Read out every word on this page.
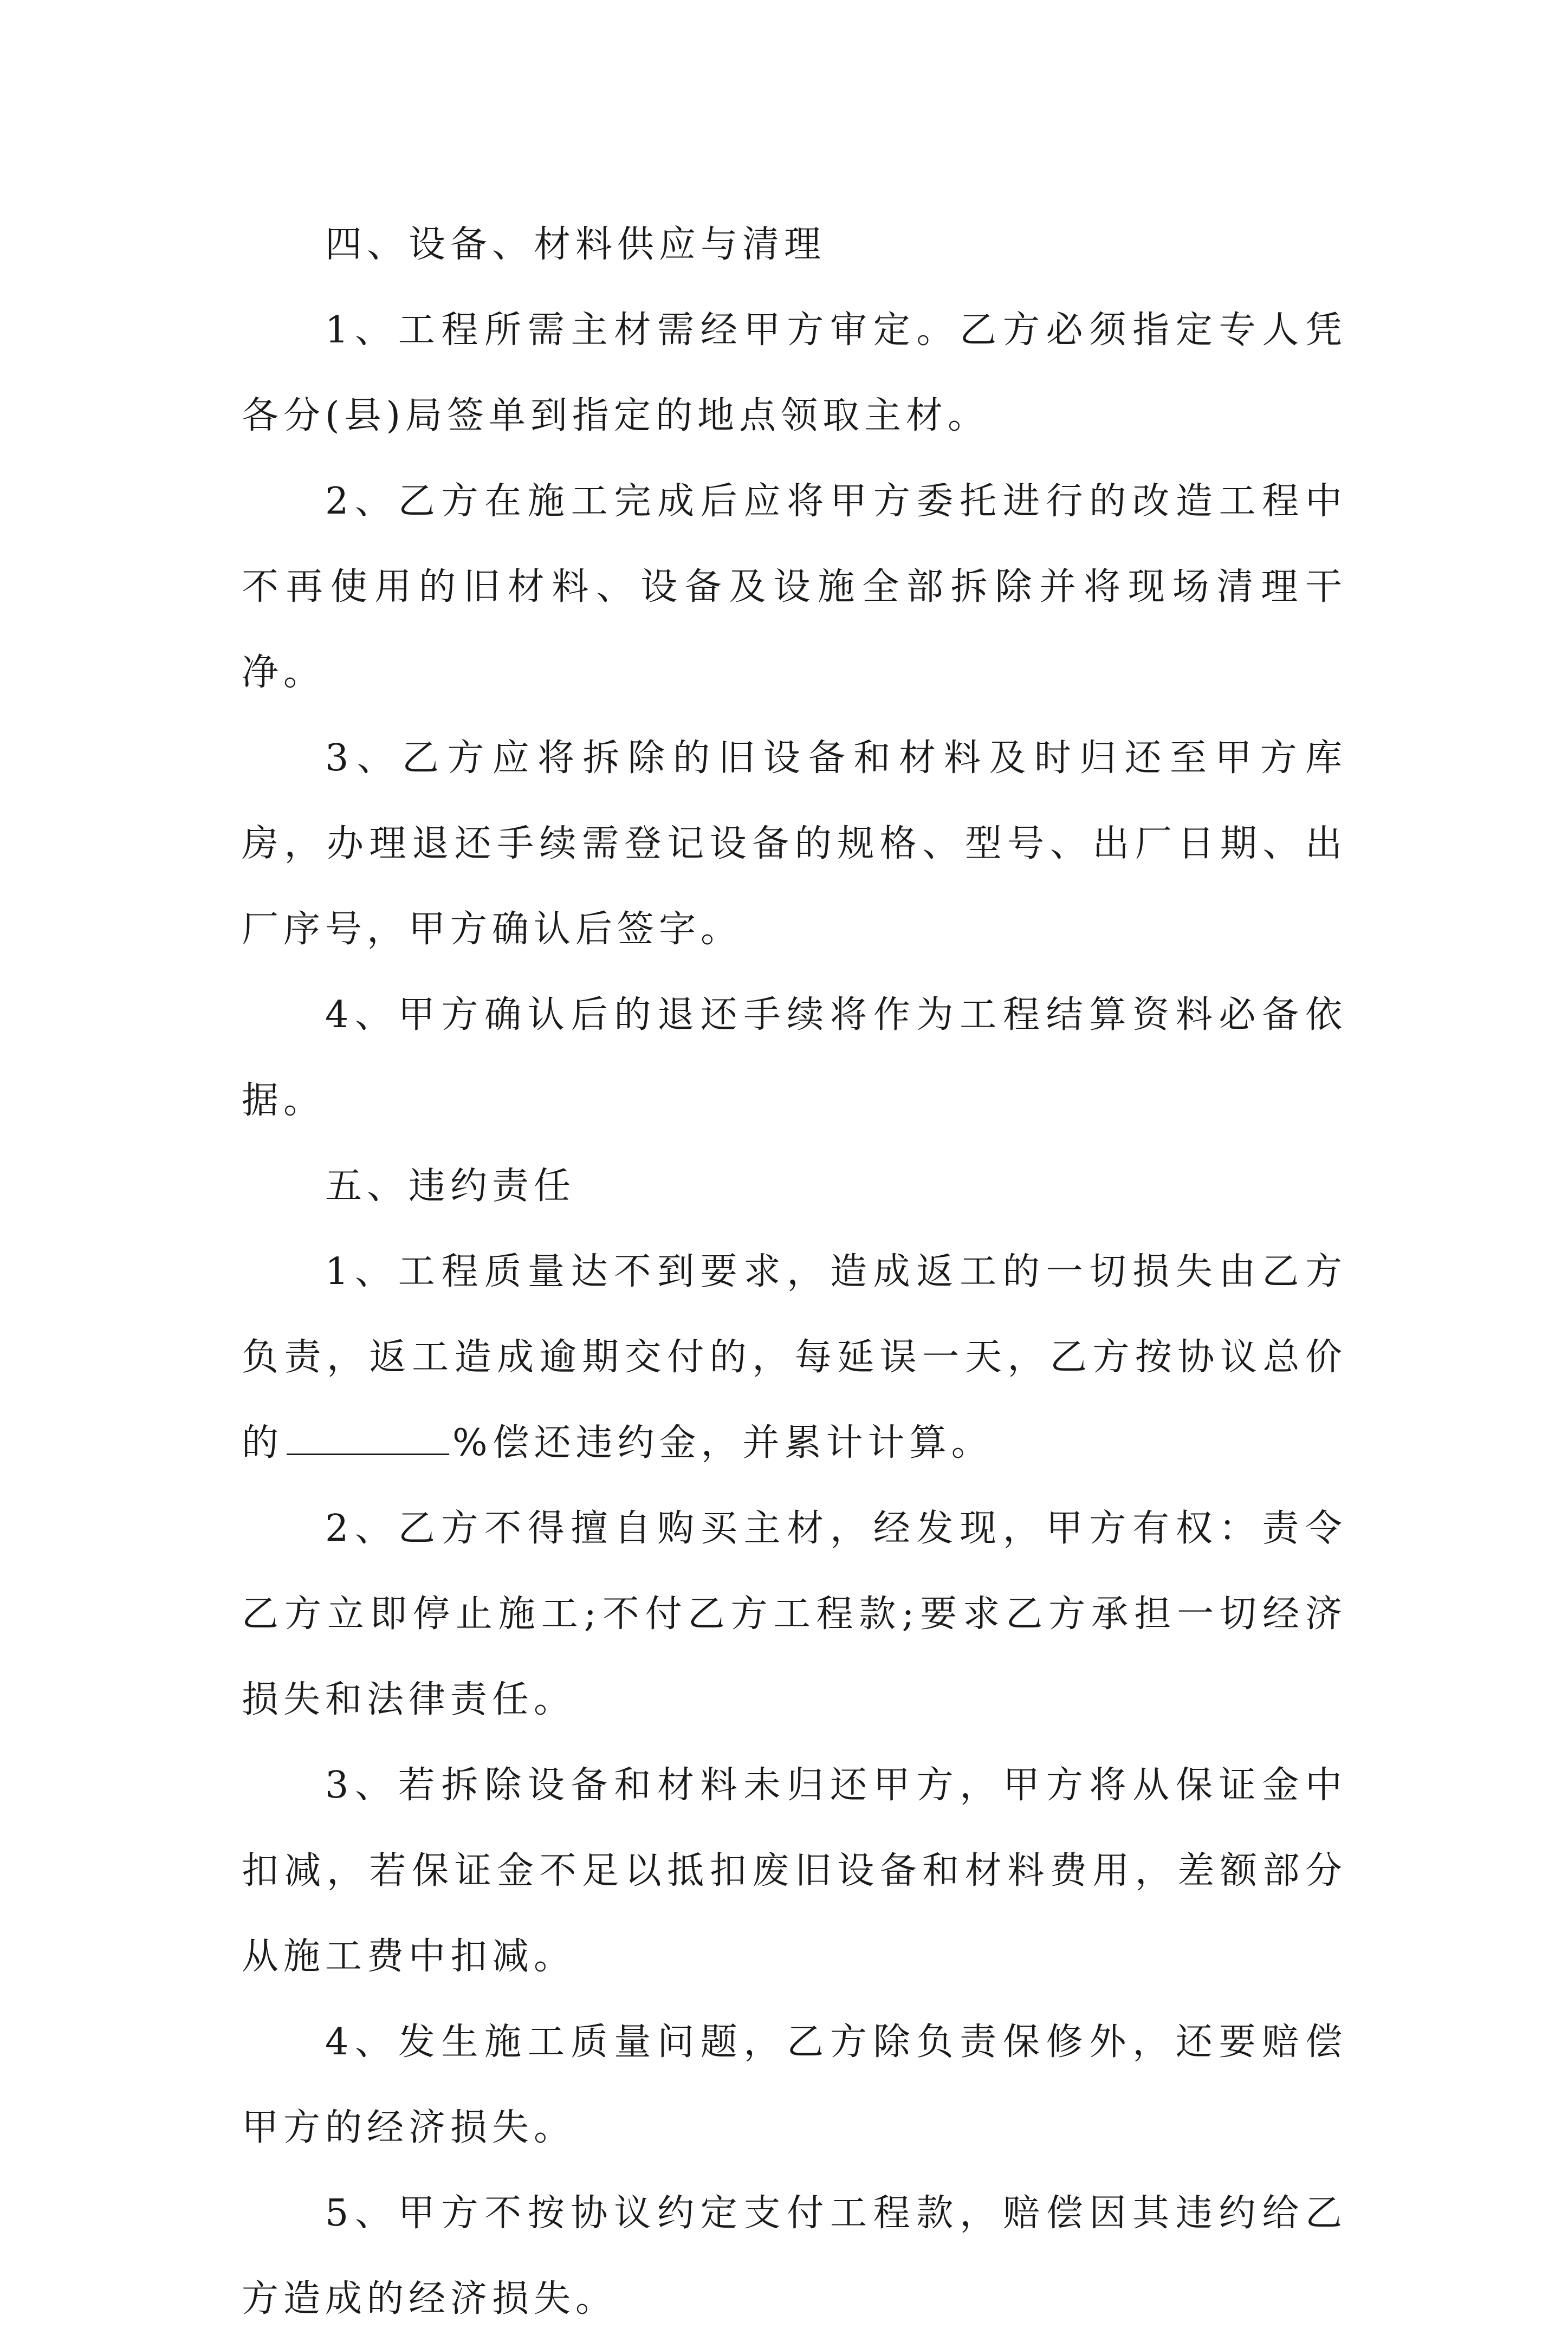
四、设备、材料供应与清理

1、工程所需主材需经甲方审定。乙方必须指定专人凭各分(县)局签单到指定的地点领取主材。

2、乙方在施工完成后应将甲方委托进行的改造工程中不再使用的旧材料、设备及设施全部拆除并将现场清理干净。

3、乙方应将拆除的旧设备和材料及时归还至甲方库房，办理退还手续需登记设备的规格、型号、出厂日期、出厂序号，甲方确认后签字。

4、甲方确认后的退还手续将作为工程结算资料必备依据。

五、违约责任

1、工程质量达不到要求，造成返工的一切损失由乙方负责，返工造成逾期交付的，每延误一天，乙方按协议总价的	%偿还违约金，并累计计算。

2、乙方不得擅自购买主材，经发现，甲方有权：责令乙方立即停止施工;不付乙方工程款;要求乙方承担一切经济损失和法律责任。

3、若拆除设备和材料未归还甲方，甲方将从保证金中扣减，若保证金不足以抵扣废旧设备和材料费用，差额部分从施工费中扣减。

4、发生施工质量问题，乙方除负责保修外，还要赔偿甲方的经济损失。

5、甲方不按协议约定支付工程款，赔偿因其违约给乙方造成的经济损失。
